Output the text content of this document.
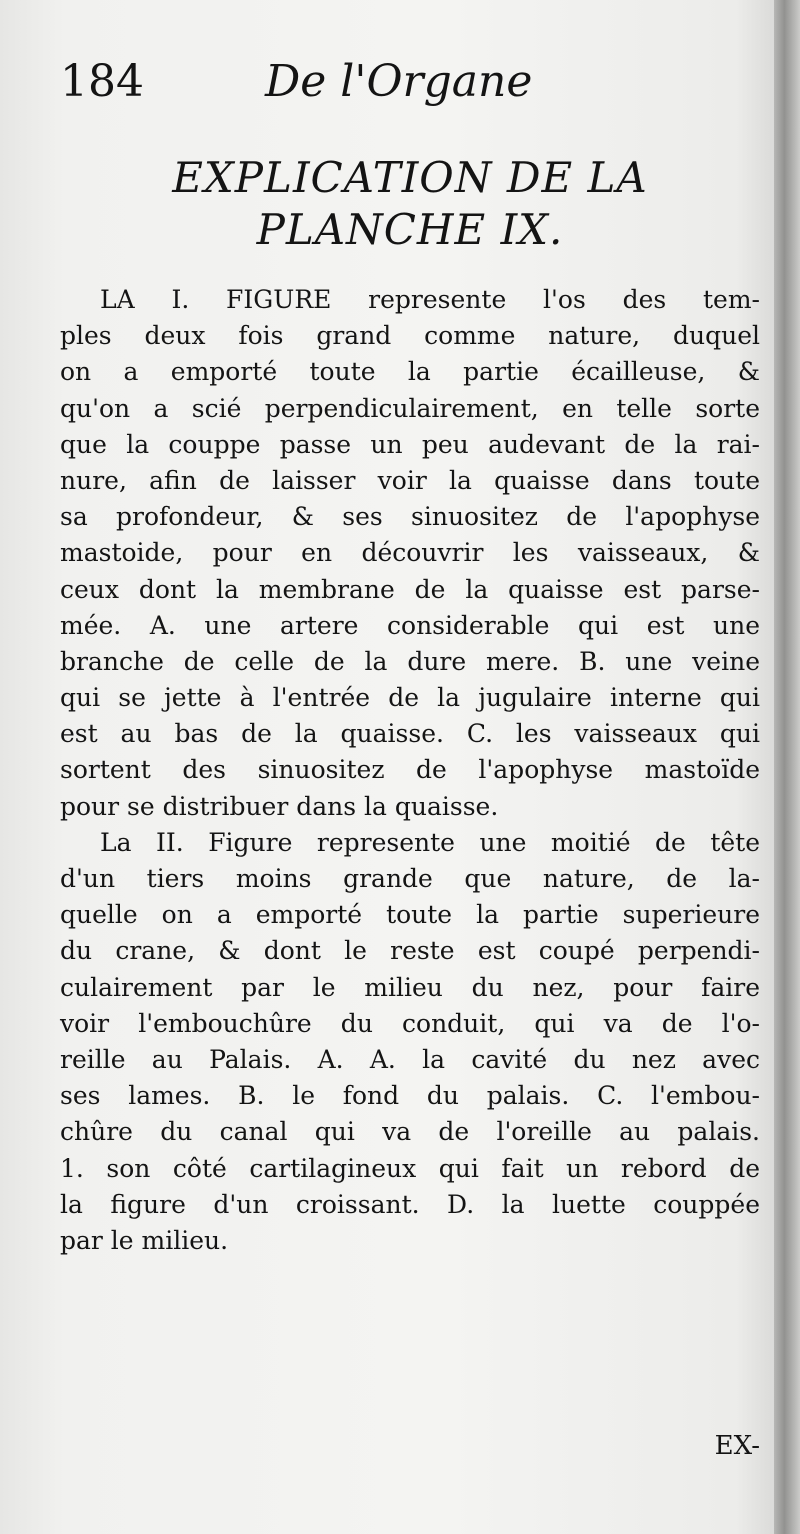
184	De l'Organe
EXPLICATION DE LA
PLANCHE IX.
LA I. FIGURE represente l'os des tem-
ples deux fois grand comme nature, duquel
on a emporté toute la partie écailleuse, &
qu'on a scié perpendiculairement, en telle sorte
que la couppe passe un peu audevant de la rai-
nure, afin de laisser voir la quaisse dans toute
sa profondeur, & ses sinuositez de l'apophyse
mastoide, pour en découvrir les vaisseaux, &
ceux dont la membrane de la quaisse est parse-
mée. A. une artere considerable qui est une
branche de celle de la dure mere. B. une veine
qui se jette à l'entrée de la jugulaire interne qui
est au bas de la quaisse. C. les vaisseaux qui
sortent des sinuositez de l'apophyse mastoïde
pour se distribuer dans la quaisse.
La II. Figure represente une moitié de tête
d'un tiers moins grande que nature, de la-
quelle on a emporté toute la partie superieure
du crane, & dont le reste est coupé perpendi-
culairement par le milieu du nez, pour faire
voir l'embouchûre du conduit, qui va de l'o-
reille au Palais. A. A. la cavité du nez avec
ses lames. B. le fond du palais. C. l'embou-
chûre du canal qui va de l'oreille au palais.
1. son côté cartilagineux qui fait un rebord de
la figure d'un croissant. D. la luette couppée
par le milieu.
EX-
